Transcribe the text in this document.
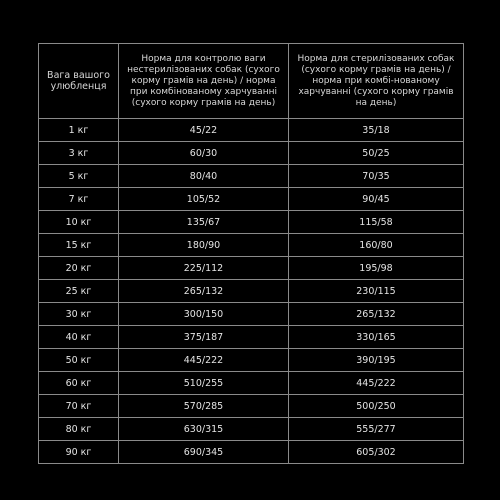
Вага вашого улюбленця	Норма для контролю ваги нестерилізованих собак (сухого корму грамів на день) / норма при комбінованому харчуванні (сухого корму грамів на день)	Норма для стерилізованих собак (сухого корму грамів на день) / норма при комбі-нованому харчуванні (сухого корму грамів на день)
1 кг	45/22	35/18
3 кг	60/30	50/25
5 кг	80/40	70/35
7 кг	105/52	90/45
10 кг	135/67	115/58
15 кг	180/90	160/80
20 кг	225/112	195/98
25 кг	265/132	230/115
30 кг	300/150	265/132
40 кг	375/187	330/165
50 кг	445/222	390/195
60 кг	510/255	445/222
70 кг	570/285	500/250
80 кг	630/315	555/277
90 кг	690/345	605/302
